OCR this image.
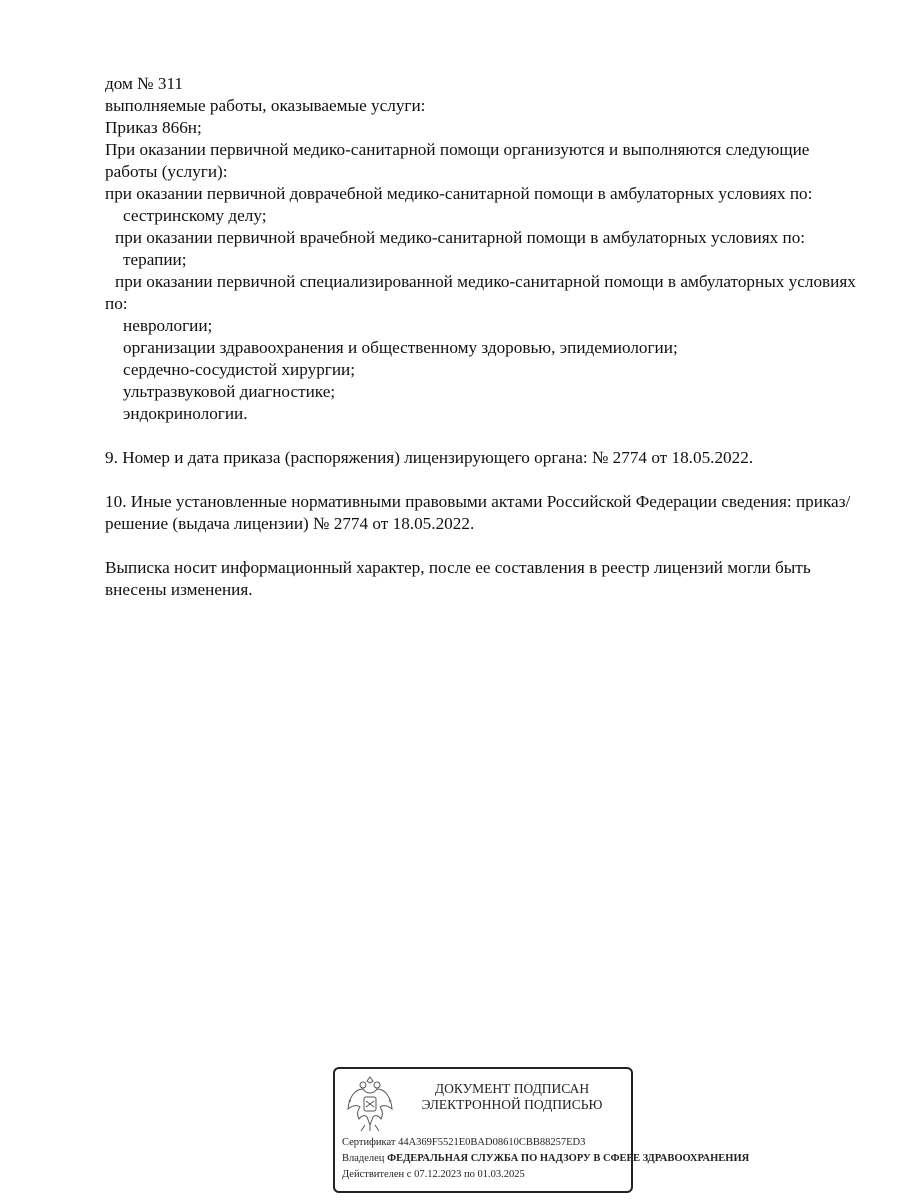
дом № 311
выполняемые работы, оказываемые услуги:
Приказ 866н;
При оказании первичной медико-санитарной помощи организуются и выполняются следующие работы (услуги):
при оказании первичной доврачебной медико-санитарной помощи в амбулаторных условиях по:
сестринскому делу;
при оказании первичной врачебной медико-санитарной помощи в амбулаторных условиях по:
терапии;
при оказании первичной специализированной медико-санитарной помощи в амбулаторных условиях по:
неврологии;
организации здравоохранения и общественному здоровью, эпидемиологии;
сердечно-сосудистой хирургии;
ультразвуковой диагностике;
эндокринологии.
9. Номер и дата приказа (распоряжения) лицензирующего органа: № 2774 от 18.05.2022.
10. Иные установленные нормативными правовыми актами Российской Федерации сведения: приказ/решение (выдача лицензии) № 2774 от 18.05.2022.
Выписка носит информационный характер, после ее составления в реестр лицензий могли быть внесены изменения.
ДОКУМЕНТ ПОДПИСАН
ЭЛЕКТРОННОЙ ПОДПИСЬЮ
Сертификат 44A369F5521E0BAD08610CBB88257ED3
Владелец ФЕДЕРАЛЬНАЯ СЛУЖБА ПО НАДЗОРУ В СФЕРЕ ЗДРАВООХРАНЕНИЯ
Действителен с 07.12.2023 по 01.03.2025
